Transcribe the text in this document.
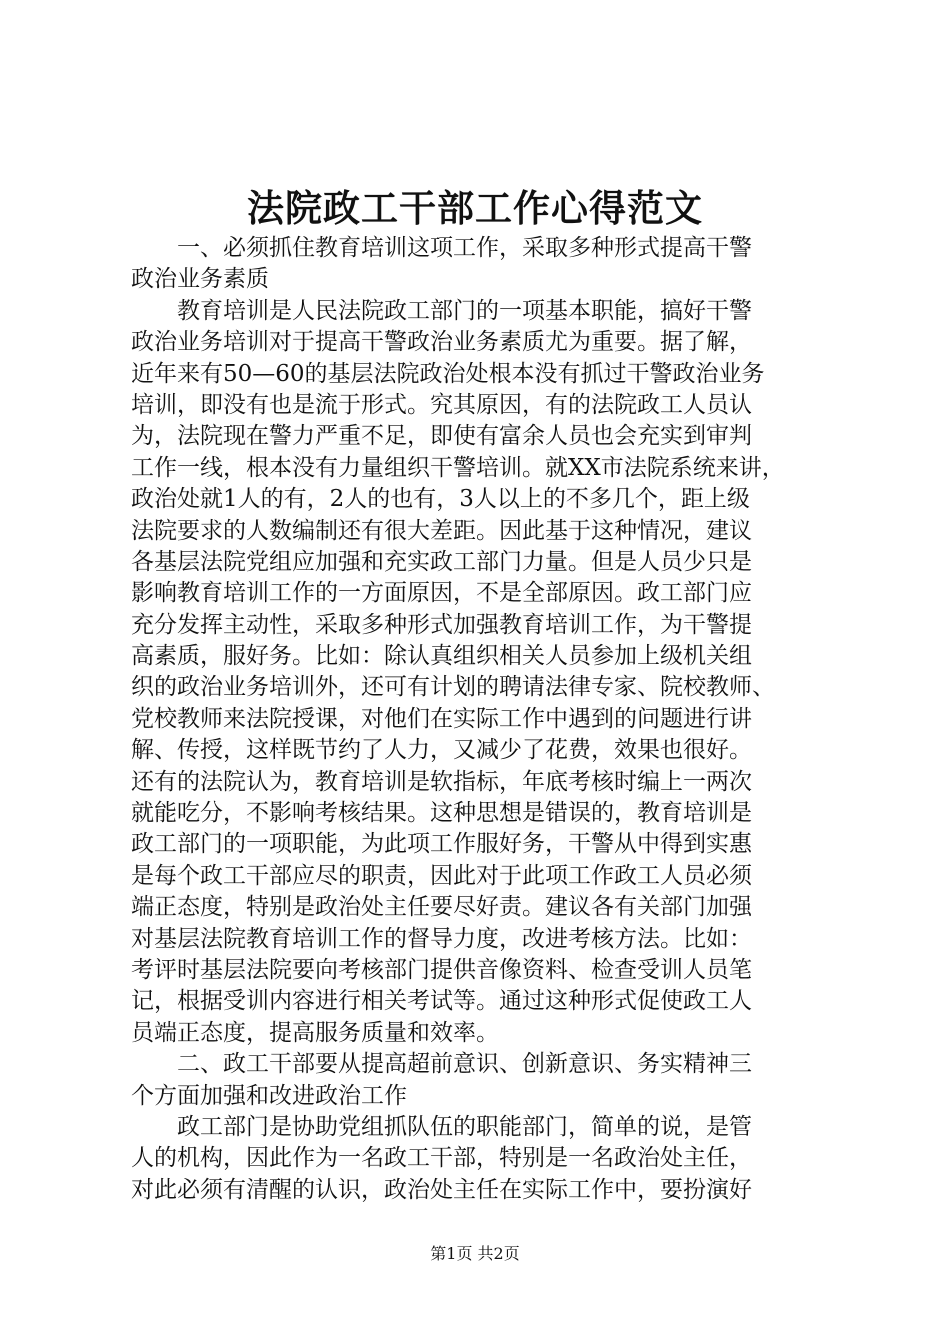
法院政工干部工作心得范文
　　一、必须抓住教育培训这项工作，采取多种形式提高干警
政治业务素质
　　教育培训是人民法院政工部门的一项基本职能，搞好干警
政治业务培训对于提高干警政治业务素质尤为重要。据了解，
近年来有50—60的基层法院政治处根本没有抓过干警政治业务
培训，即没有也是流于形式。究其原因，有的法院政工人员认
为，法院现在警力严重不足，即使有富余人员也会充实到审判
工作一线，根本没有力量组织干警培训。就XX市法院系统来讲，
政治处就1人的有，2人的也有，3人以上的不多几个，距上级
法院要求的人数编制还有很大差距。因此基于这种情况，建议
各基层法院党组应加强和充实政工部门力量。但是人员少只是
影响教育培训工作的一方面原因，不是全部原因。政工部门应
充分发挥主动性，采取多种形式加强教育培训工作，为干警提
高素质，服好务。比如：除认真组织相关人员参加上级机关组
织的政治业务培训外，还可有计划的聘请法律专家、院校教师、
党校教师来法院授课，对他们在实际工作中遇到的问题进行讲
解、传授，这样既节约了人力，又减少了花费，效果也很好。
还有的法院认为，教育培训是软指标，年底考核时编上一两次
就能吃分，不影响考核结果。这种思想是错误的，教育培训是
政工部门的一项职能，为此项工作服好务，干警从中得到实惠
是每个政工干部应尽的职责，因此对于此项工作政工人员必须
端正态度，特别是政治处主任要尽好责。建议各有关部门加强
对基层法院教育培训工作的督导力度，改进考核方法。比如：
考评时基层法院要向考核部门提供音像资料、检查受训人员笔
记，根据受训内容进行相关考试等。通过这种形式促使政工人
员端正态度，提高服务质量和效率。
　　二、政工干部要从提高超前意识、创新意识、务实精神三
个方面加强和改进政治工作
　　政工部门是协助党组抓队伍的职能部门，简单的说，是管
人的机构，因此作为一名政工干部，特别是一名政治处主任，
对此必须有清醒的认识，政治处主任在实际工作中，要扮演好
第1页 共2页
